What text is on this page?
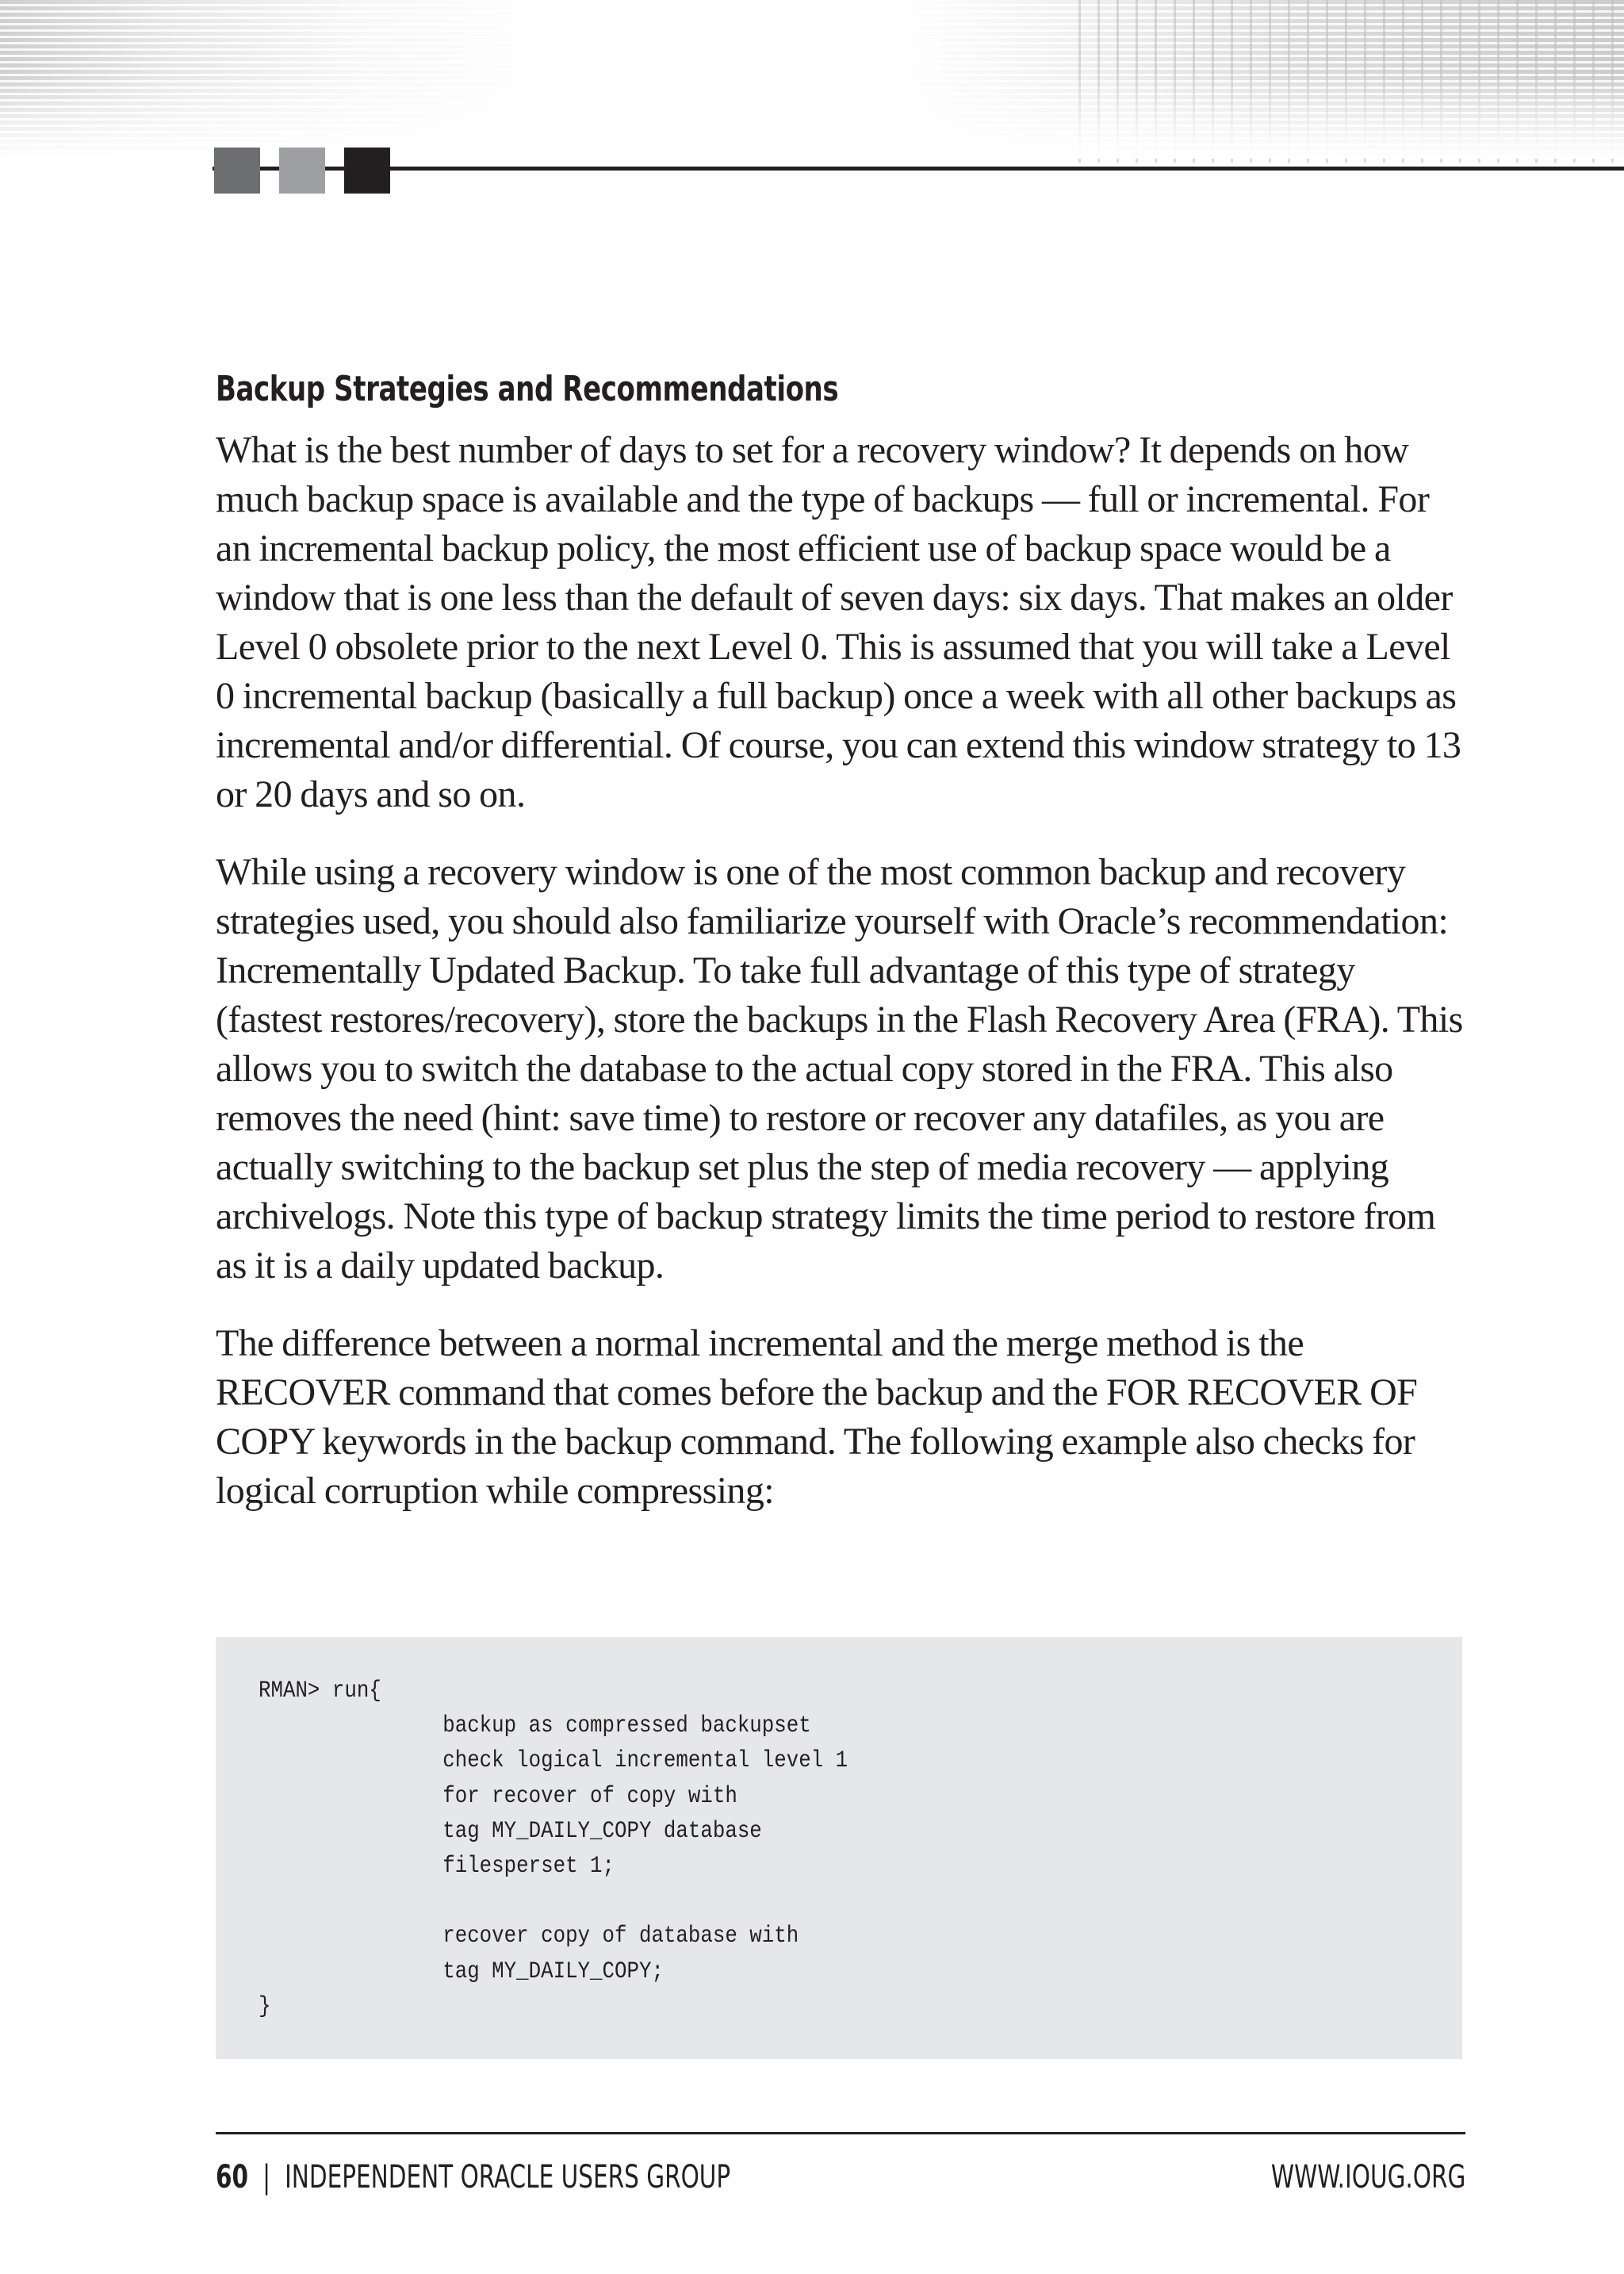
Backup Strategies and Recommendations

What is the best number of days to set for a recovery window? It depends on how much backup space is available and the type of backups — full or incremental. For an incremental backup policy, the most efficient use of backup space would be a window that is one less than the default of seven days: six days. That makes an older Level 0 obsolete prior to the next Level 0. This is assumed that you will take a Level 0 incremental backup (basically a full backup) once a week with all other backups as incremental and/or differential. Of course, you can extend this window strategy to 13 or 20 days and so on.

While using a recovery window is one of the most common backup and recovery strategies used, you should also familiarize yourself with Oracle’s recommendation: Incrementally Updated Backup. To take full advantage of this type of strategy (fastest restores/recovery), store the backups in the Flash Recovery Area (FRA). This allows you to switch the database to the actual copy stored in the FRA. This also removes the need (hint: save time) to restore or recover any datafiles, as you are actually switching to the backup set plus the step of media recovery — applying archivelogs. Note this type of backup strategy limits the time period to restore from as it is a daily updated backup.

The difference between a normal incremental and the merge method is the RECOVER command that comes before the backup and the FOR RECOVER OF COPY keywords in the backup command. The following example also checks for logical corruption while compressing:

RMAN> run{
backup as compressed backupset
check logical incremental level 1
for recover of copy with
tag MY_DAILY_COPY database
filesperset 1;

recover copy of database with
tag MY_DAILY_COPY;
}
60 | INDEPENDENT ORACLE USERS GROUP	WWW.IOUG.ORG
